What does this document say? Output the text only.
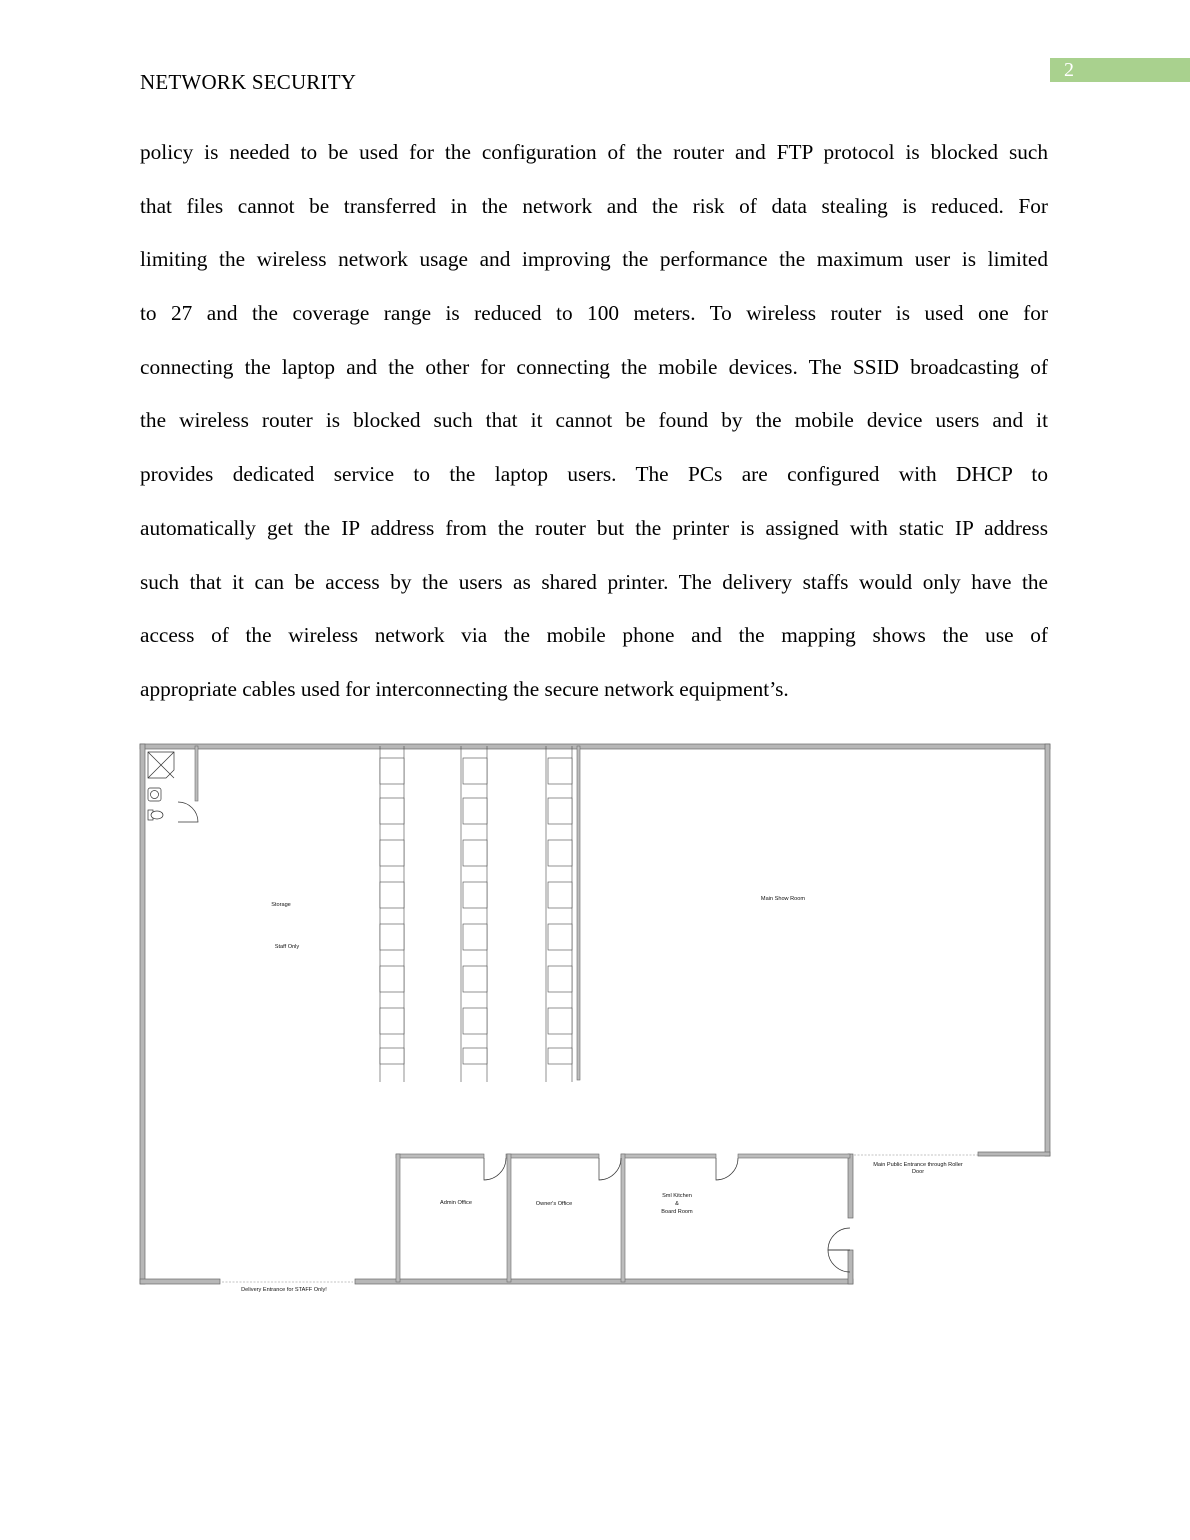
2
NETWORK SECURITY
policy is needed to be used for the configuration of the router and FTP protocol is blocked such
that files cannot be transferred in the network and the risk of data stealing is reduced. For
limiting the wireless network usage and improving the performance the maximum user is limited
to 27 and the coverage range is reduced to 100 meters. To wireless router is used one for
connecting the laptop and the other for connecting the mobile devices. The SSID broadcasting of
the wireless router is blocked such that it cannot be found by the mobile device users and it
provides dedicated service to the laptop users. The PCs are configured with DHCP to
automatically get the IP address from the router but the printer is assigned with static IP address
such that it can be access by the users as shared printer. The delivery staffs would only have the
access of the wireless network via the mobile phone and the mapping shows the use of
appropriate cables used for interconnecting the secure network equipment’s.
Storage
Staff Only
Main Show Room
Admin Office	Owner's Office
Sml Kitchen
&
Board Room
Main Public Entrance through Roller
Door
Delivery Entrance for STAFF Only!
